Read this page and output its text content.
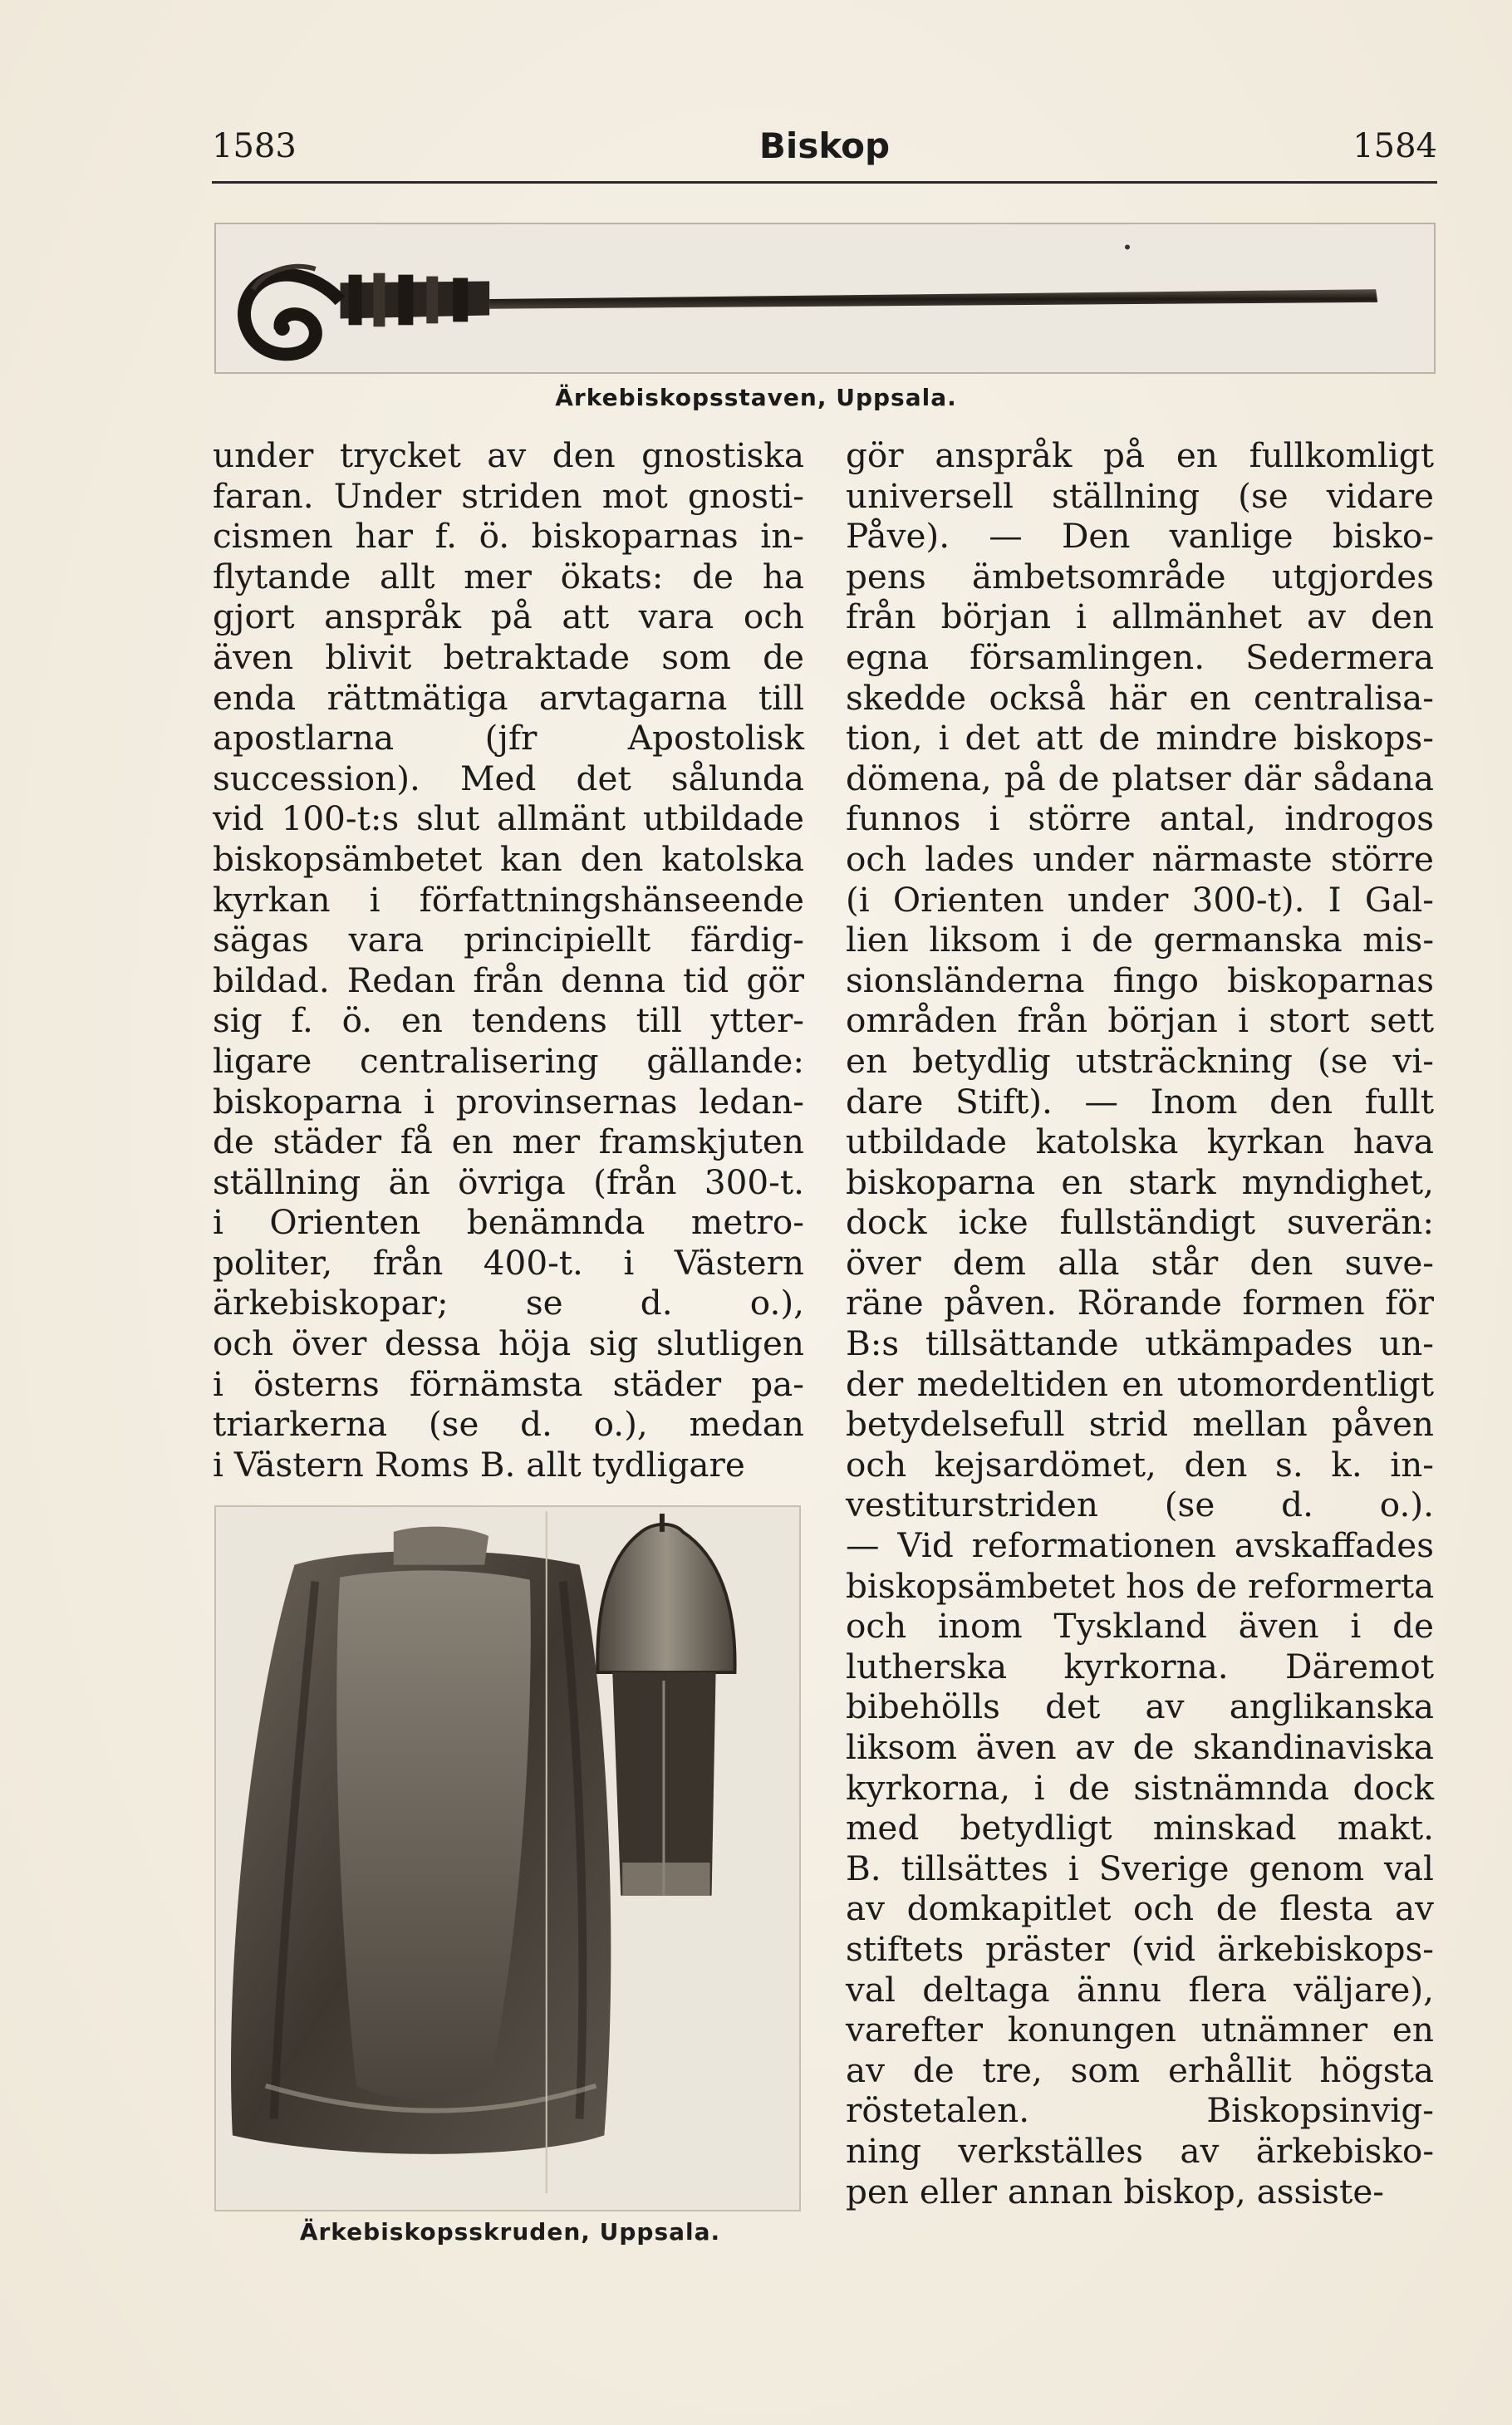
1583	Biskop	1584
Ärkebiskopsstaven, Uppsala.
under trycket av den gnostiska
faran. Under striden mot gnosti-
cismen har f. ö. biskoparnas in-
flytande allt mer ökats: de ha
gjort anspråk på att vara och
även blivit betraktade som de
enda rättmätiga arvtagarna till
apostlarna (jfr Apostolisk
succession). Med det sålunda
vid 100-t:s slut allmänt utbildade
biskopsämbetet kan den katolska
kyrkan i författningshänseende
sägas vara principiellt färdig-
bildad. Redan från denna tid gör
sig f. ö. en tendens till ytter-
ligare centralisering gällande:
biskoparna i provinsernas ledan-
de städer få en mer framskjuten
ställning än övriga (från 300-t.
i Orienten benämnda metro-
politer, från 400-t. i Västern
ärkebiskopar; se d. o.),
och över dessa höja sig slutligen
i österns förnämsta städer pa-
triarkerna (se d. o.), medan
i Västern Roms B. allt tydligare
Ärkebiskopsskruden, Uppsala.
gör anspråk på en fullkomligt
universell ställning (se vidare
Påve). — Den vanlige bisko-
pens ämbetsområde utgjordes
från början i allmänhet av den
egna församlingen. Sedermera
skedde också här en centralisa-
tion, i det att de mindre biskops-
dömena, på de platser där sådana
funnos i större antal, indrogos
och lades under närmaste större
(i Orienten under 300-t). I Gal-
lien liksom i de germanska mis-
sionsländerna fingo biskoparnas
områden från början i stort sett
en betydlig utsträckning (se vi-
dare Stift). — Inom den fullt
utbildade katolska kyrkan hava
biskoparna en stark myndighet,
dock icke fullständigt suverän:
över dem alla står den suve-
räne påven. Rörande formen för
B:s tillsättande utkämpades un-
der medeltiden en utomordentligt
betydelsefull strid mellan påven
och kejsardömet, den s. k. in-
vestiturstriden (se d. o.).
— Vid reformationen avskaffades
biskopsämbetet hos de reformerta
och inom Tyskland även i de
lutherska kyrkorna. Däremot
bibehölls det av anglikanska
liksom även av de skandinaviska
kyrkorna, i de sistnämnda dock
med betydligt minskad makt.
B. tillsättes i Sverige genom val
av domkapitlet och de flesta av
stiftets präster (vid ärkebiskops-
val deltaga ännu flera väljare),
varefter konungen utnämner en
av de tre, som erhållit högsta
röstetalen. Biskopsinvig-
ning verkställes av ärkebisko-
pen eller annan biskop, assiste-
